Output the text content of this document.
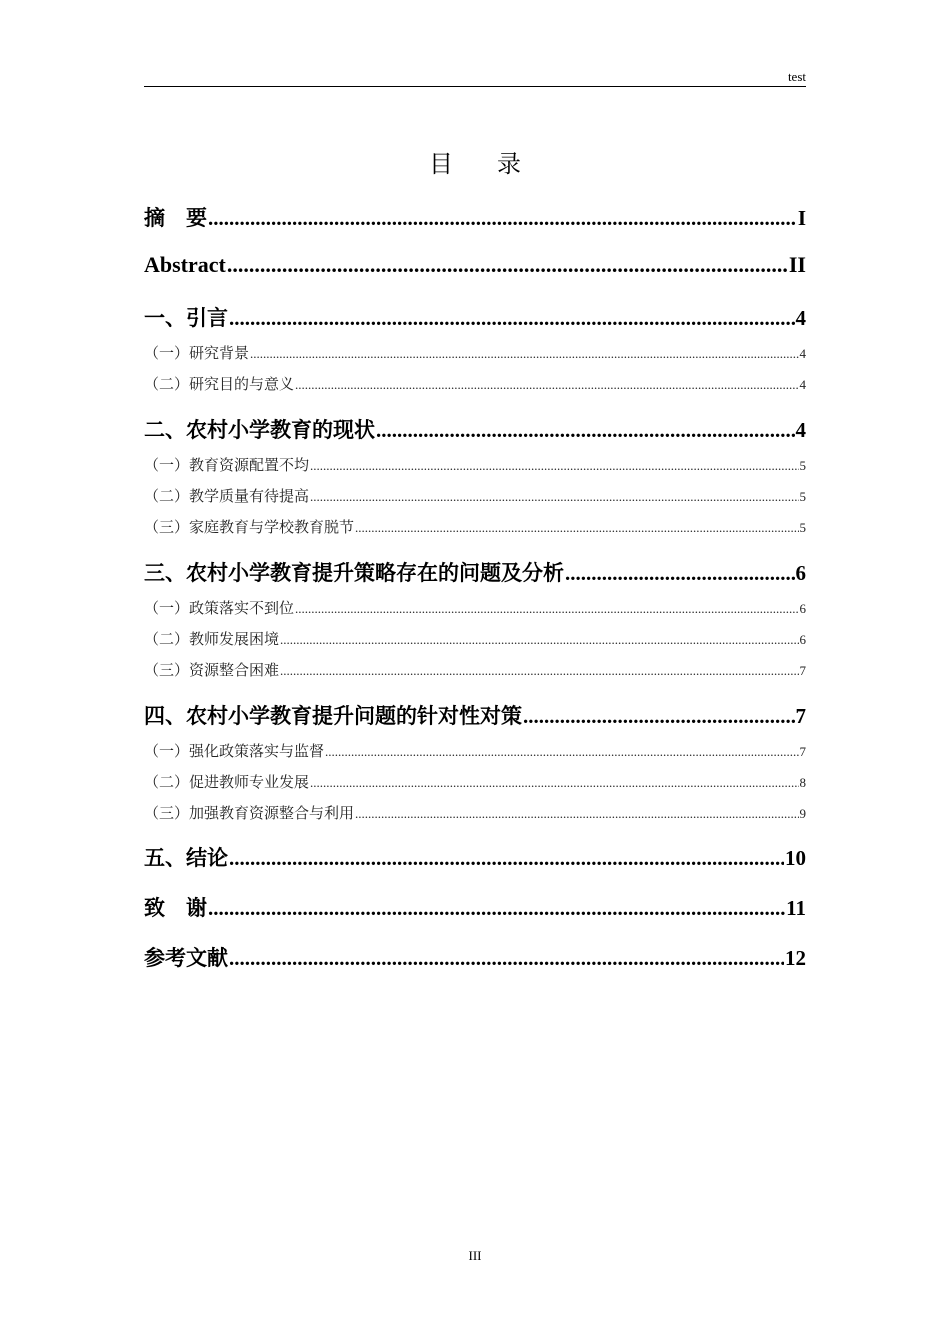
test
目录
摘　要 .....	I
Abstract .....	II
一、引言 .....	4
（一）研究背景 .....	4
（二）研究目的与意义 .....	4
二、农村小学教育的现状 .....	4
（一）教育资源配置不均 .....	5
（二）教学质量有待提高 .....	5
（三）家庭教育与学校教育脱节 .....	5
三、农村小学教育提升策略存在的问题及分析 .....	6
（一）政策落实不到位 .....	6
（二）教师发展困境 .....	6
（三）资源整合困难 .....	7
四、农村小学教育提升问题的针对性对策 .....	7
（一）强化政策落实与监督 .....	7
（二）促进教师专业发展 .....	8
（三）加强教育资源整合与利用 .....	9
五、结论 .....	10
致　谢 .....	11
参考文献 .....	12
III
